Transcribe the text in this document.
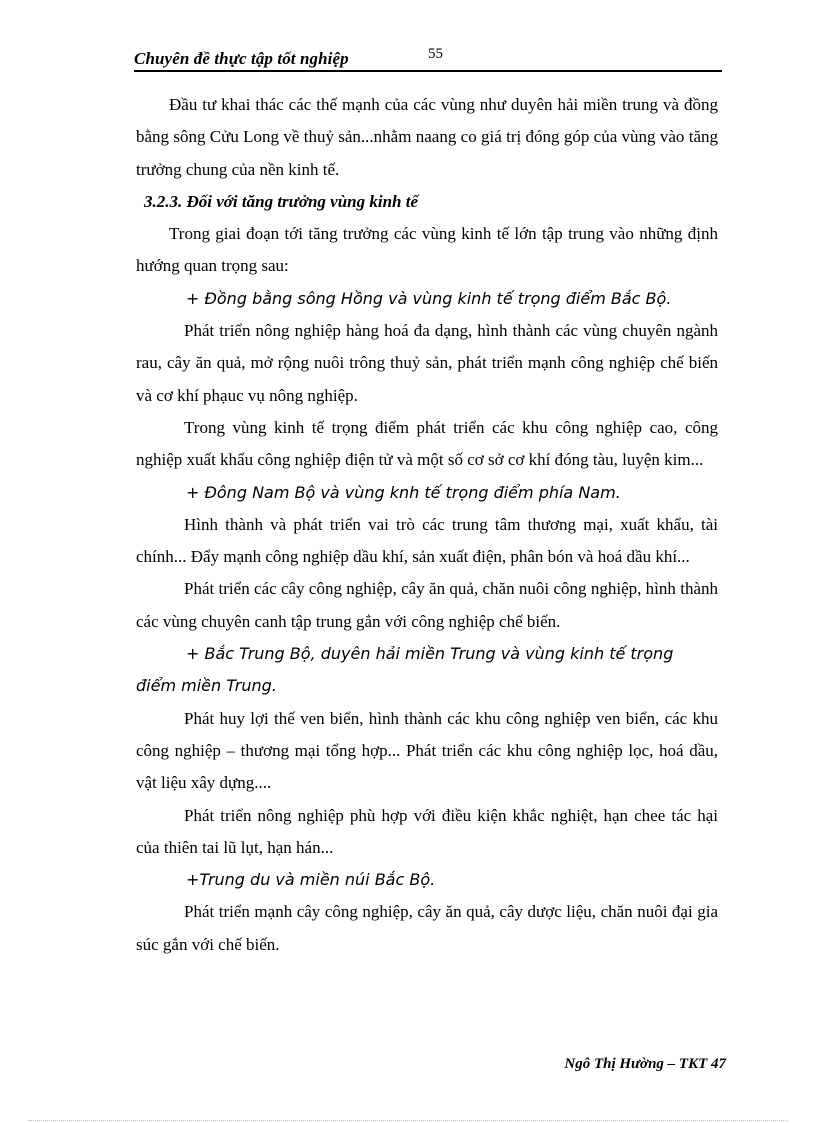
Chuyên đề thực tập tốt nghiệp	55

Đầu tư khai thác các thế mạnh của các vùng như duyên hải miền trung và đồng bằng sông Cửu Long về thuỷ sản...nhằm naang co giá trị đóng góp của vùng vào tăng trưởng chung của nền kinh tế.

3.2.3. Đối với tăng trưởng vùng kinh tế

Trong giai đoạn tới tăng trưởng các vùng kinh tế lớn tập trung vào những định hướng quan trọng sau:

+ Đồng bằng sông Hồng và vùng kinh tế trọng điểm Bắc Bộ.

Phát triển nông nghiệp hàng hoá đa dạng, hình thành các vùng chuyên ngành rau, cây ăn quả, mở rộng nuôi trông thuỷ sản, phát triển mạnh công nghiệp chế biến và cơ khí phạuc vụ nông nghiệp.

Trong vùng kinh tế trọng điểm phát triển các khu công nghiệp cao, công nghiệp xuất khẩu công nghiệp điện tử và một số cơ sở cơ khí đóng tàu, luyện kim...

+ Đông Nam Bộ và vùng knh tế trọng điểm phía Nam.

Hình thành và phát triển vai trò các trung tâm thương mại, xuất khẩu, tài chính... Đẩy mạnh công nghiệp dầu khí, sản xuất điện, phân bón và hoá dầu khí...

Phát triển các cây công nghiệp, cây ăn quả, chăn nuôi công nghiệp, hình thành các vùng chuyên canh tập trung gắn với công nghiệp chế biến.

+ Bắc Trung Bộ, duyên hải miền Trung và vùng kinh tế trọng điểm miền Trung.

Phát huy lợi thế ven biển, hình thành các khu công nghiệp ven biển, các khu công nghiệp – thương mại tổng hợp... Phát triển các khu công nghiệp lọc, hoá dầu, vật liệu xây dựng....

Phát triển nông nghiệp phù hợp với điều kiện khắc nghiệt, hạn chee tác hại của thiên tai lũ lụt, hạn hán...

+Trung du và miền núi Bắc Bộ.

Phát triển mạnh cây công nghiệp, cây ăn quả, cây dược liệu, chăn nuôi đại gia súc gắn với chế biến.

Ngô Thị Hường – TKT 47
